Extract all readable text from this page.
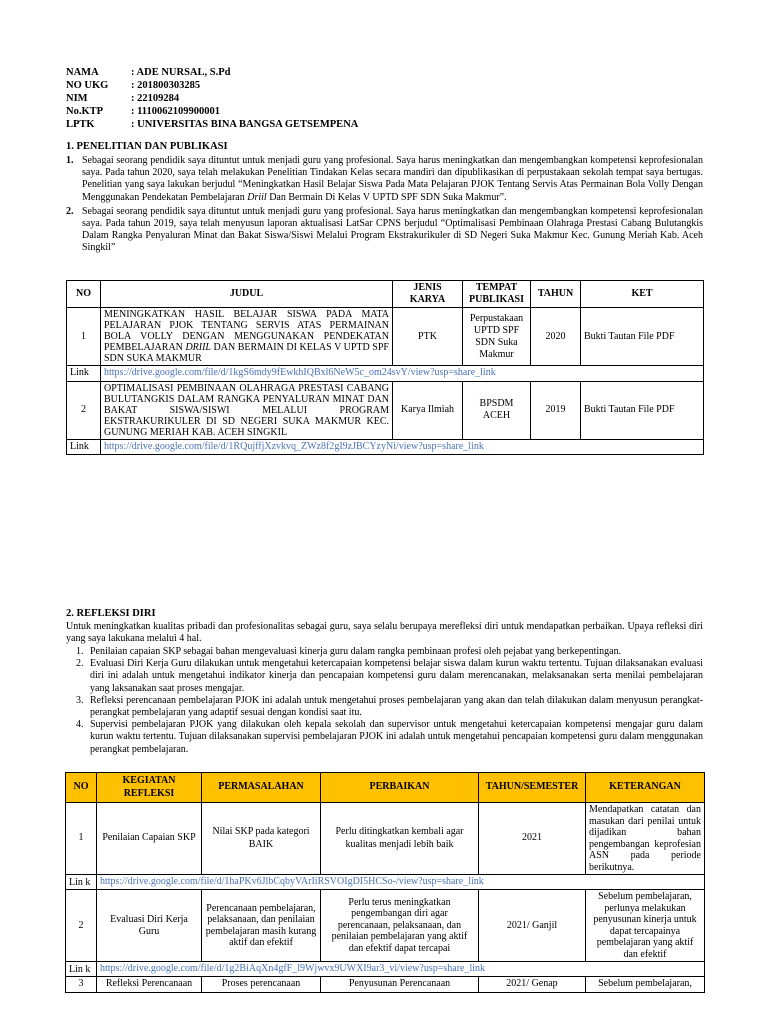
NAMA	: ADE NURSAL, S.Pd
NO UKG	: 201800303285
NIM	: 22109284
No.KTP	: 1110062109900001
LPTK	: UNIVERSITAS BINA BANGSA GETSEMPENA
1. PENELITIAN DAN PUBLIKASI
1. Sebagai seorang pendidik saya dituntut untuk menjadi guru yang profesional. Saya harus meningkatkan dan mengembangkan kompetensi keprofesionalan saya. Pada tahun 2020, saya telah melakukan Penelitian Tindakan Kelas secara mandiri dan dipublikasikan di perpustakaan sekolah tempat saya bertugas. Penelitian yang saya lakukan berjudul “Meningkatkan Hasil Belajar Siswa Pada Mata Pelajaran PJOK Tentang Servis Atas Permainan Bola Volly Dengan Menggunakan Pendekatan Pembelajaran Driil Dan Bermain Di Kelas V UPTD SPF SDN Suka Makmur”.
2. Sebagai seorang pendidik saya dituntut untuk menjadi guru yang profesional. Saya harus meningkatkan dan mengembangkan kompetensi keprofesionalan saya. Pada tahun 2019, saya telah menyusun laporan aktualisasi LatSar CPNS berjudul “Optimalisasi Pembinaan Olahraga Prestasi Cabang Bulutangkis Dalam Rangka Penyaluran Minat dan Bakat Siswa/Siswi Melalui Program Ekstrakurikuler di SD Negeri Suka Makmur Kec. Gunung Meriah Kab. Aceh Singkil”
NO	JUDUL	JENIS KARYA	TEMPAT PUBLIKASI	TAHUN	KET
1	MENINGKATKAN HASIL BELAJAR SISWA PADA MATA PELAJARAN PJOK TENTANG SERVIS ATAS PERMAINAN BOLA VOLLY DENGAN MENGGUNAKAN PENDEKATAN PEMBELAJARAN DRIIL DAN BERMAIN DI KELAS V UPTD SPF SDN SUKA MAKMUR	PTK	Perpustakaan UPTD SPF SDN Suka Makmur	2020	Bukti Tautan File PDF
Link	https://drive.google.com/file/d/1kgS6mdy9fEwkhIQBxl6NeW5c_om24svY/view?usp=share_link				
2	OPTIMALISASI PEMBINAAN OLAHRAGA PRESTASI CABANG BULUTANGKIS DALAM RANGKA PENYALURAN MINAT DAN BAKAT SISWA/SISWI MELALUI PROGRAM EKSTRAKURIKULER DI SD NEGERI SUKA MAKMUR KEC. GUNUNG MERIAH KAB. ACEH SINGKIL	Karya Ilmiah	BPSDM ACEH	2019	Bukti Tautan File PDF
Link	https://drive.google.com/file/d/1RQujffjXzvkvq_ZWz8f2gI9zJBCYzyNi/view?usp=share_link				
2. REFLEKSI DIRI
Untuk meningkatkan kualitas pribadi dan profesionalitas sebagai guru, saya selalu berupaya merefleksi diri untuk mendapatkan perbaikan. Upaya refleksi diri yang saya lakukana melalui 4 hal.
1. Penilaian capaian SKP sebagai bahan mengevaluasi kinerja guru dalam rangka pembinaan profesi oleh pejabat yang berkepentingan.
2. Evaluasi Diri Kerja Guru dilakukan untuk mengetahui ketercapaian kompetensi belajar siswa dalam kurun waktu tertentu. Tujuan dilaksanakan evaluasi diri ini adalah untuk mengetahui indikator kinerja dan pencapaian kompetensi guru dalam merencanakan, melaksanakan serta menilai pembelajaran yang laksanakan saat proses mengajar.
3. Refleksi perencanaan pembelajaran PJOK ini adalah untuk mengetahui proses pembelajaran yang akan dan telah dilakukan dalam menyusun perangkat-perangkat pembelajaran yang adaptif sesuai dengan kondisi saat itu.
4. Supervisi pembelajaran PJOK yang dilakukan oleh kepala sekolah dan supervisor untuk mengetahui ketercapaian kompetensi mengajar guru dalam kurun waktu tertentu. Tujuan dilaksanakan supervisi pembelajaran PJOK ini adalah untuk mengetahui pencapaian kompetensi guru dalam menggunakan perangkat pembelajaran.
NO	KEGIATAN REFLEKSI	PERMASALAHAN	PERBAIKAN	TAHUN/SEMESTER	KETERANGAN
1	Penilaian Capaian SKP	Nilai SKP pada kategori BAIK	Perlu ditingkatkan kembali agar kualitas menjadi lebih baik	2021	Mendapatkan catatan dan masukan dari penilai untuk dijadikan bahan pengembangan keprofesian ASN pada periode berikutnya.
Lin k	https://drive.google.com/file/d/1haPKv6JlbCqbyVArIiRSVOIgDI5HCSo-/view?usp=share_link				
2	Evaluasi Diri Kerja Guru	Perencanaan pembelajaran, pelaksanaan, dan penilaian pembelajaran masih kurang aktif dan efektif	Perlu terus meningkatkan pengembangan diri agar perencanaan, pelaksanaan, dan penilaian pembelajaran yang aktif dan efektif dapat tercapai	2021/ Ganjil	Sebelum pembelajaran, perlunya melakukan penyusunan kinerja untuk dapat tercapainya pembelajaran yang aktif dan efektif
Lin k	https://drive.google.com/file/d/1g2BiAqXn4gfF_l9Wjwvx9UWXI9ar3_vi/view?usp=share_link				
3	Refleksi Perencanaan	Proses perencanaan	Penyusunan Perencanaan	2021/ Genap	Sebelum pembelajaran,
